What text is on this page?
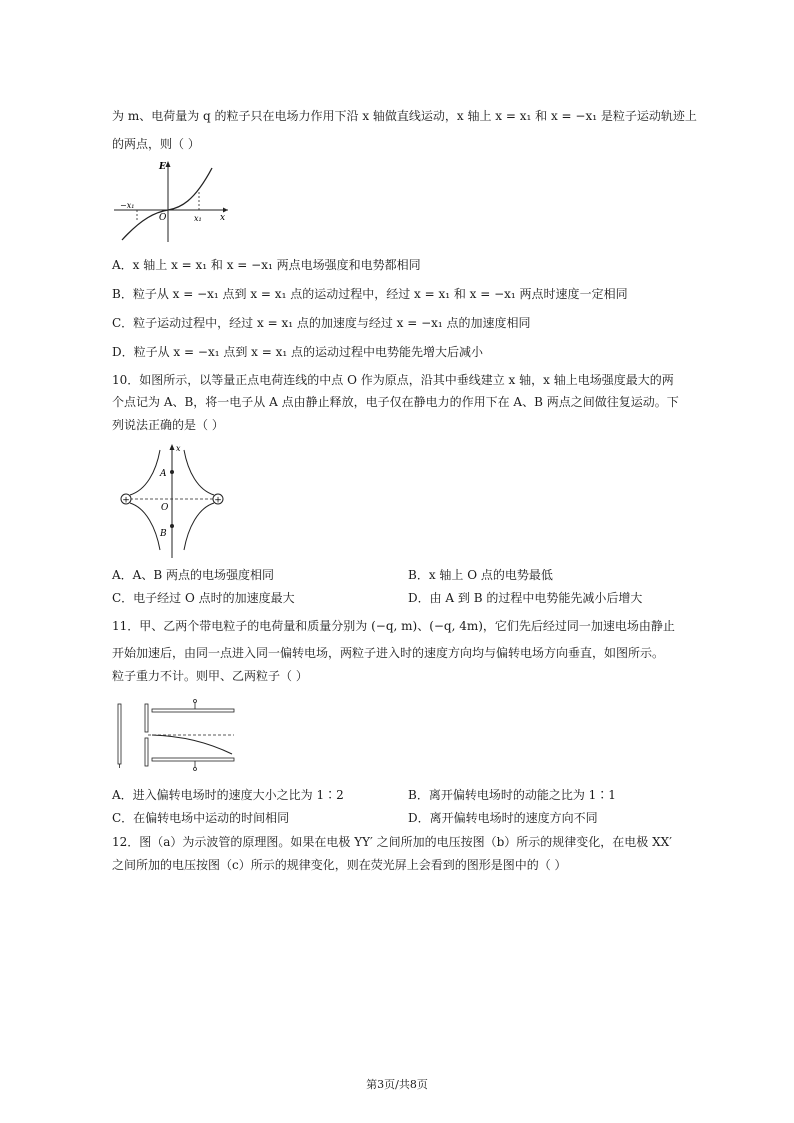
为 m、电荷量为 q 的粒子只在电场力作用下沿 x 轴做直线运动，x 轴上 x = x₁ 和 x = −x₁ 是粒子运动轨迹上
的两点，则（ ）
E
O	x
x₁
−x₁
A．x 轴上 x = x₁ 和 x = −x₁ 两点电场强度和电势都相同
B．粒子从 x = −x₁ 点到 x = x₁ 点的运动过程中，经过 x = x₁ 和 x = −x₁ 两点时速度一定相同
C．粒子运动过程中，经过 x = x₁ 点的加速度与经过 x = −x₁ 点的加速度相同
D．粒子从 x = −x₁ 点到 x = x₁ 点的运动过程中电势能先增大后减小
10．如图所示，以等量正点电荷连线的中点 O 作为原点，沿其中垂线建立 x 轴，x 轴上电场强度最大的两
个点记为 A、B，将一电子从 A 点由静止释放，电子仅在静电力的作用下在 A、B 两点之间做往复运动。下
列说法正确的是（ ）
+	+
A
B
O
x
A．A、B 两点的电场强度相同	B．x 轴上 O 点的电势最低
C．电子经过 O 点时的加速度最大	D．由 A 到 B 的过程中电势能先减小后增大
11．甲、乙两个带电粒子的电荷量和质量分别为 (−q, m)、(−q, 4m)，它们先后经过同一加速电场由静止
开始加速后，由同一点进入同一偏转电场，两粒子进入时的速度方向均与偏转电场方向垂直，如图所示。
粒子重力不计。则甲、乙两粒子（ ）
A．进入偏转电场时的速度大小之比为 1∶2	B．离开偏转电场时的动能之比为 1∶1
C．在偏转电场中运动的时间相同	D．离开偏转电场时的速度方向不同
12．图（a）为示波管的原理图。如果在电极 YY′ 之间所加的电压按图（b）所示的规律变化，在电极 XX′
之间所加的电压按图（c）所示的规律变化，则在荧光屏上会看到的图形是图中的（ ）
第3页/共8页
